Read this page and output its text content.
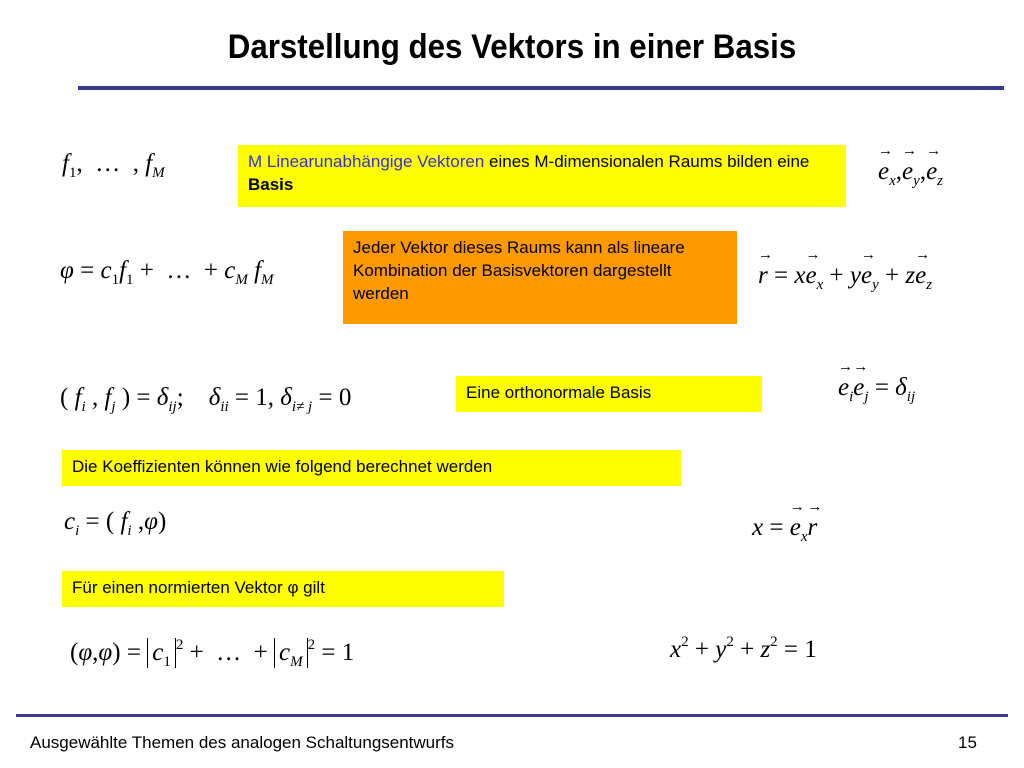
Darstellung des Vektors in einer Basis
$f_1$,  …  , $f_M$
M Linearunabhängige Vektoren eines M-dimensionalen Raums bilden eine Basis	→ $e_x,\to e_y,\to e_z$
$\varphi = c_1f_1$ +  …  + $c_M$ $f_M$
Jeder Vektor dieses Raums kann als lineare Kombination der Basisvektoren dargestellt werden
→ $r = x\to e_x + y\to e_y + z\to e_z$
( $f_i$ , $f_j$ ) = $\delta_{ij}$;    $\delta_{ii} = 1$, $\delta_{i\ne j} = 0$	Eine orthonormale Basis	→ $e_i\to e_j = \delta_{ij}$
Die Koeffizienten können wie folgend berechnet werden
$c_i$ = ( $f_i$ ,φ)	x = → $e_x\to r$
Für einen normierten Vektor φ gilt
$(\varphi,\varphi) = c_1^2$ +  …  + $c_M^2 = 1$	$x^2 + y^2 + z^2 = 1$
Ausgewählte Themen des analogen Schaltungsentwurfs	15
